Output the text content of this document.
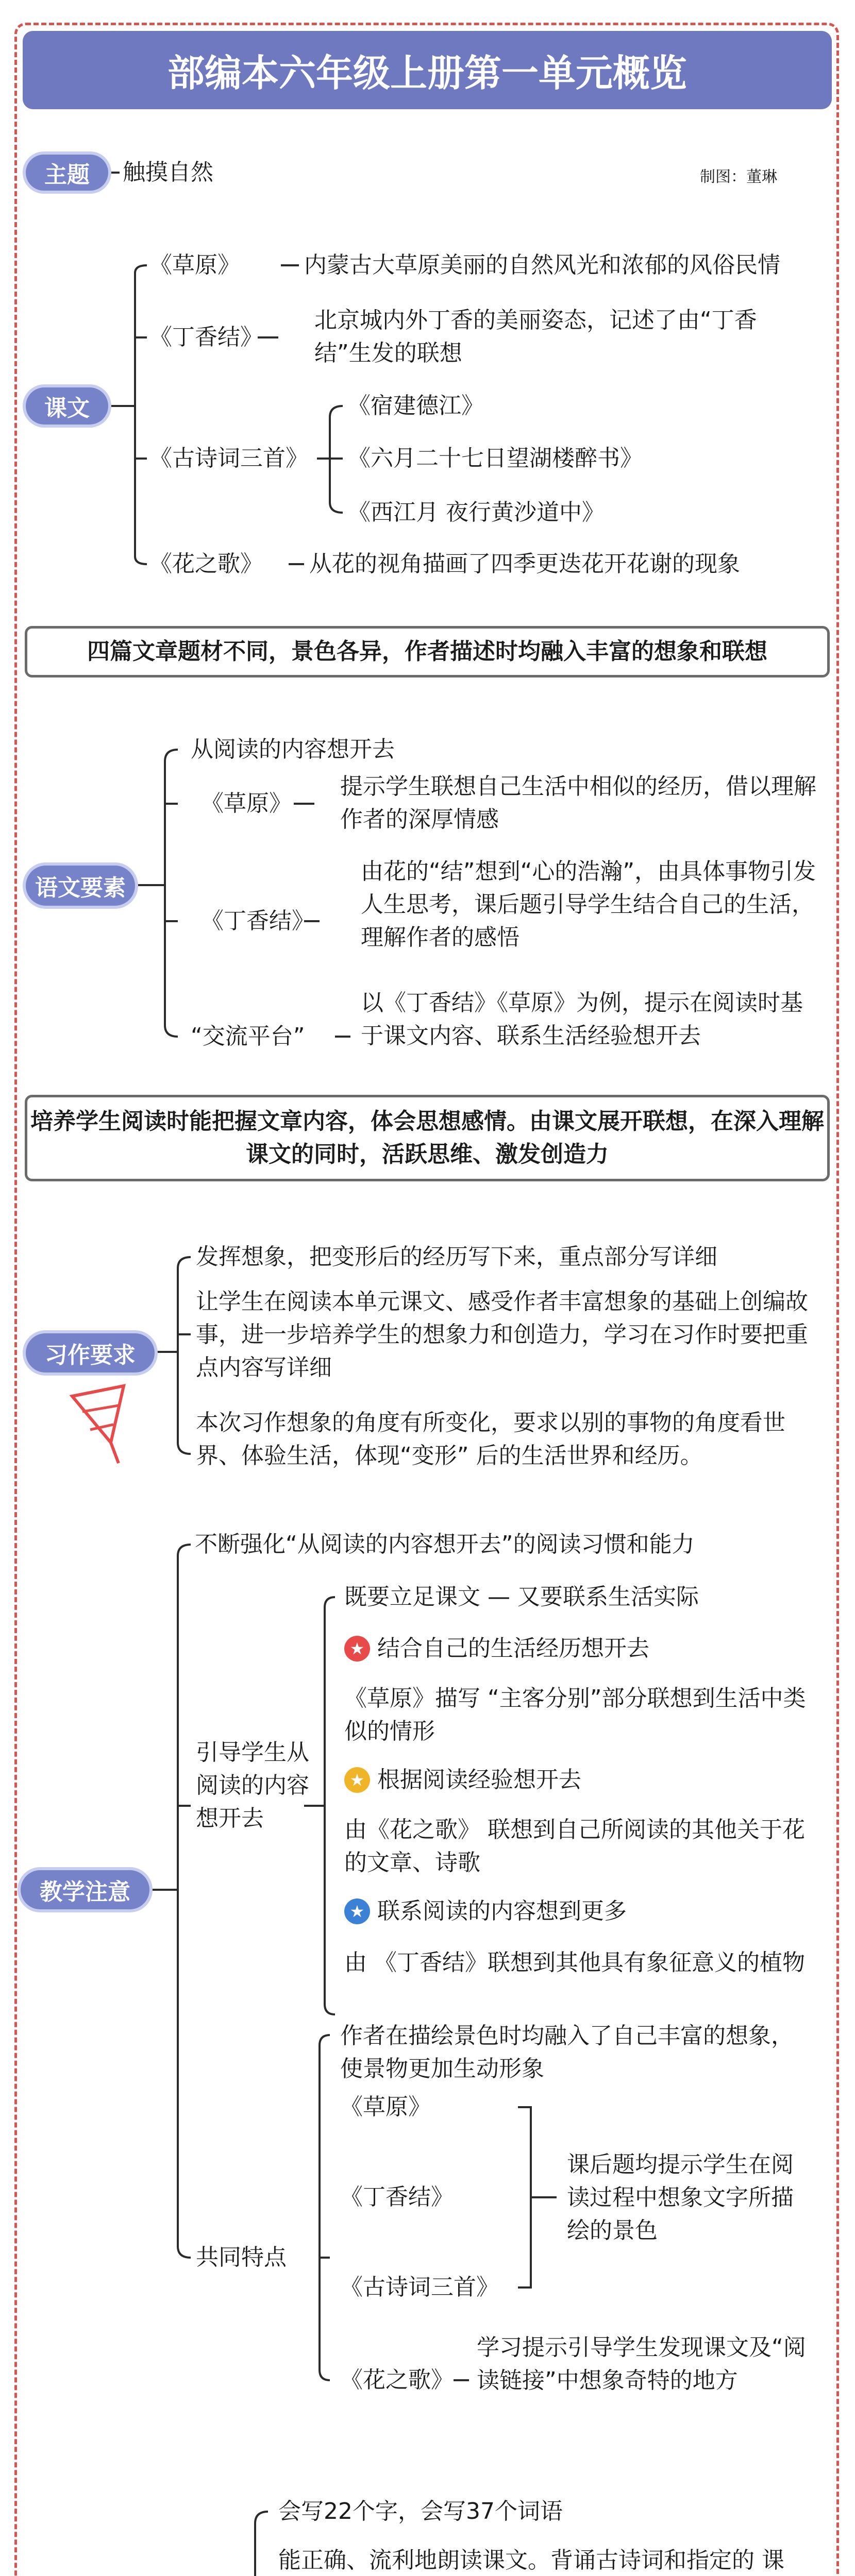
部编本六年级上册第一单元概览
制图：董琳
主题	触摸自然
课文
《草原》	内蒙古大草原美丽的自然风光和浓郁的风俗民情
《丁香结》
北京城内外丁香的美丽姿态，记述了由“丁香结”生发的联想
《古诗词三首》
《宿建德江》
《六月二十七日望湖楼醉书》
《西江月 夜行黄沙道中》
《花之歌》 从花的视角描画了四季更迭花开花谢的现象
四篇文章题材不同，景色各异，作者描述时均融入丰富的想象和联想
语文要素
从阅读的内容想开去
《草原》
提示学生联想自己生活中相似的经历，借以理解作者的深厚情感
《丁香结》
由花的“结”想到“心的浩瀚”，由具体事物引发人生思考，课后题引导学生结合自己的生活，理解作者的感悟
“交流平台”
以《丁香结》《草原》为例，提示在阅读时基于课文内容、联系生活经验想开去
培养学生阅读时能把握文章内容，体会思想感情。由课文展开联想，在深入理解课文的同时，活跃思维、激发创造力
习作要求
发挥想象，把变形后的经历写下来，重点部分写详细
让学生在阅读本单元课文、感受作者丰富想象的基础上创编故事，进一步培养学生的想象力和创造力，学习在习作时要把重点内容写详细
本次习作想象的角度有所变化，要求以别的事物的角度看世界、体验生活，体现“变形” 后的生活世界和经历。
教学注意
不断强化“从阅读的内容想开去”的阅读习惯和能力
引导学生从阅读的内容想开去
既要立足课文 — 又要联系生活实际
★ 结合自己的生活经历想开去
《草原》描写 “主客分别”部分联想到生活中类似的情形
★ 根据阅读经验想开去
由《花之歌》 联想到自己所阅读的其他关于花的文章、诗歌
★ 联系阅读的内容想到更多
由 《丁香结》联想到其他具有象征意义的植物
共同特点
作者在描绘景色时均融入了自己丰富的想象，使景物更加生动形象
《草原》
《丁香结》
《古诗词三首》
课后题均提示学生在阅读过程中想象文字所描绘的景色
《花之歌》
学习提示引导学生发现课文及“阅读链接”中想象奇特的地方
会写22个字，会写37个词语
能正确、流利地朗读课文。背诵古诗词和指定的 课
